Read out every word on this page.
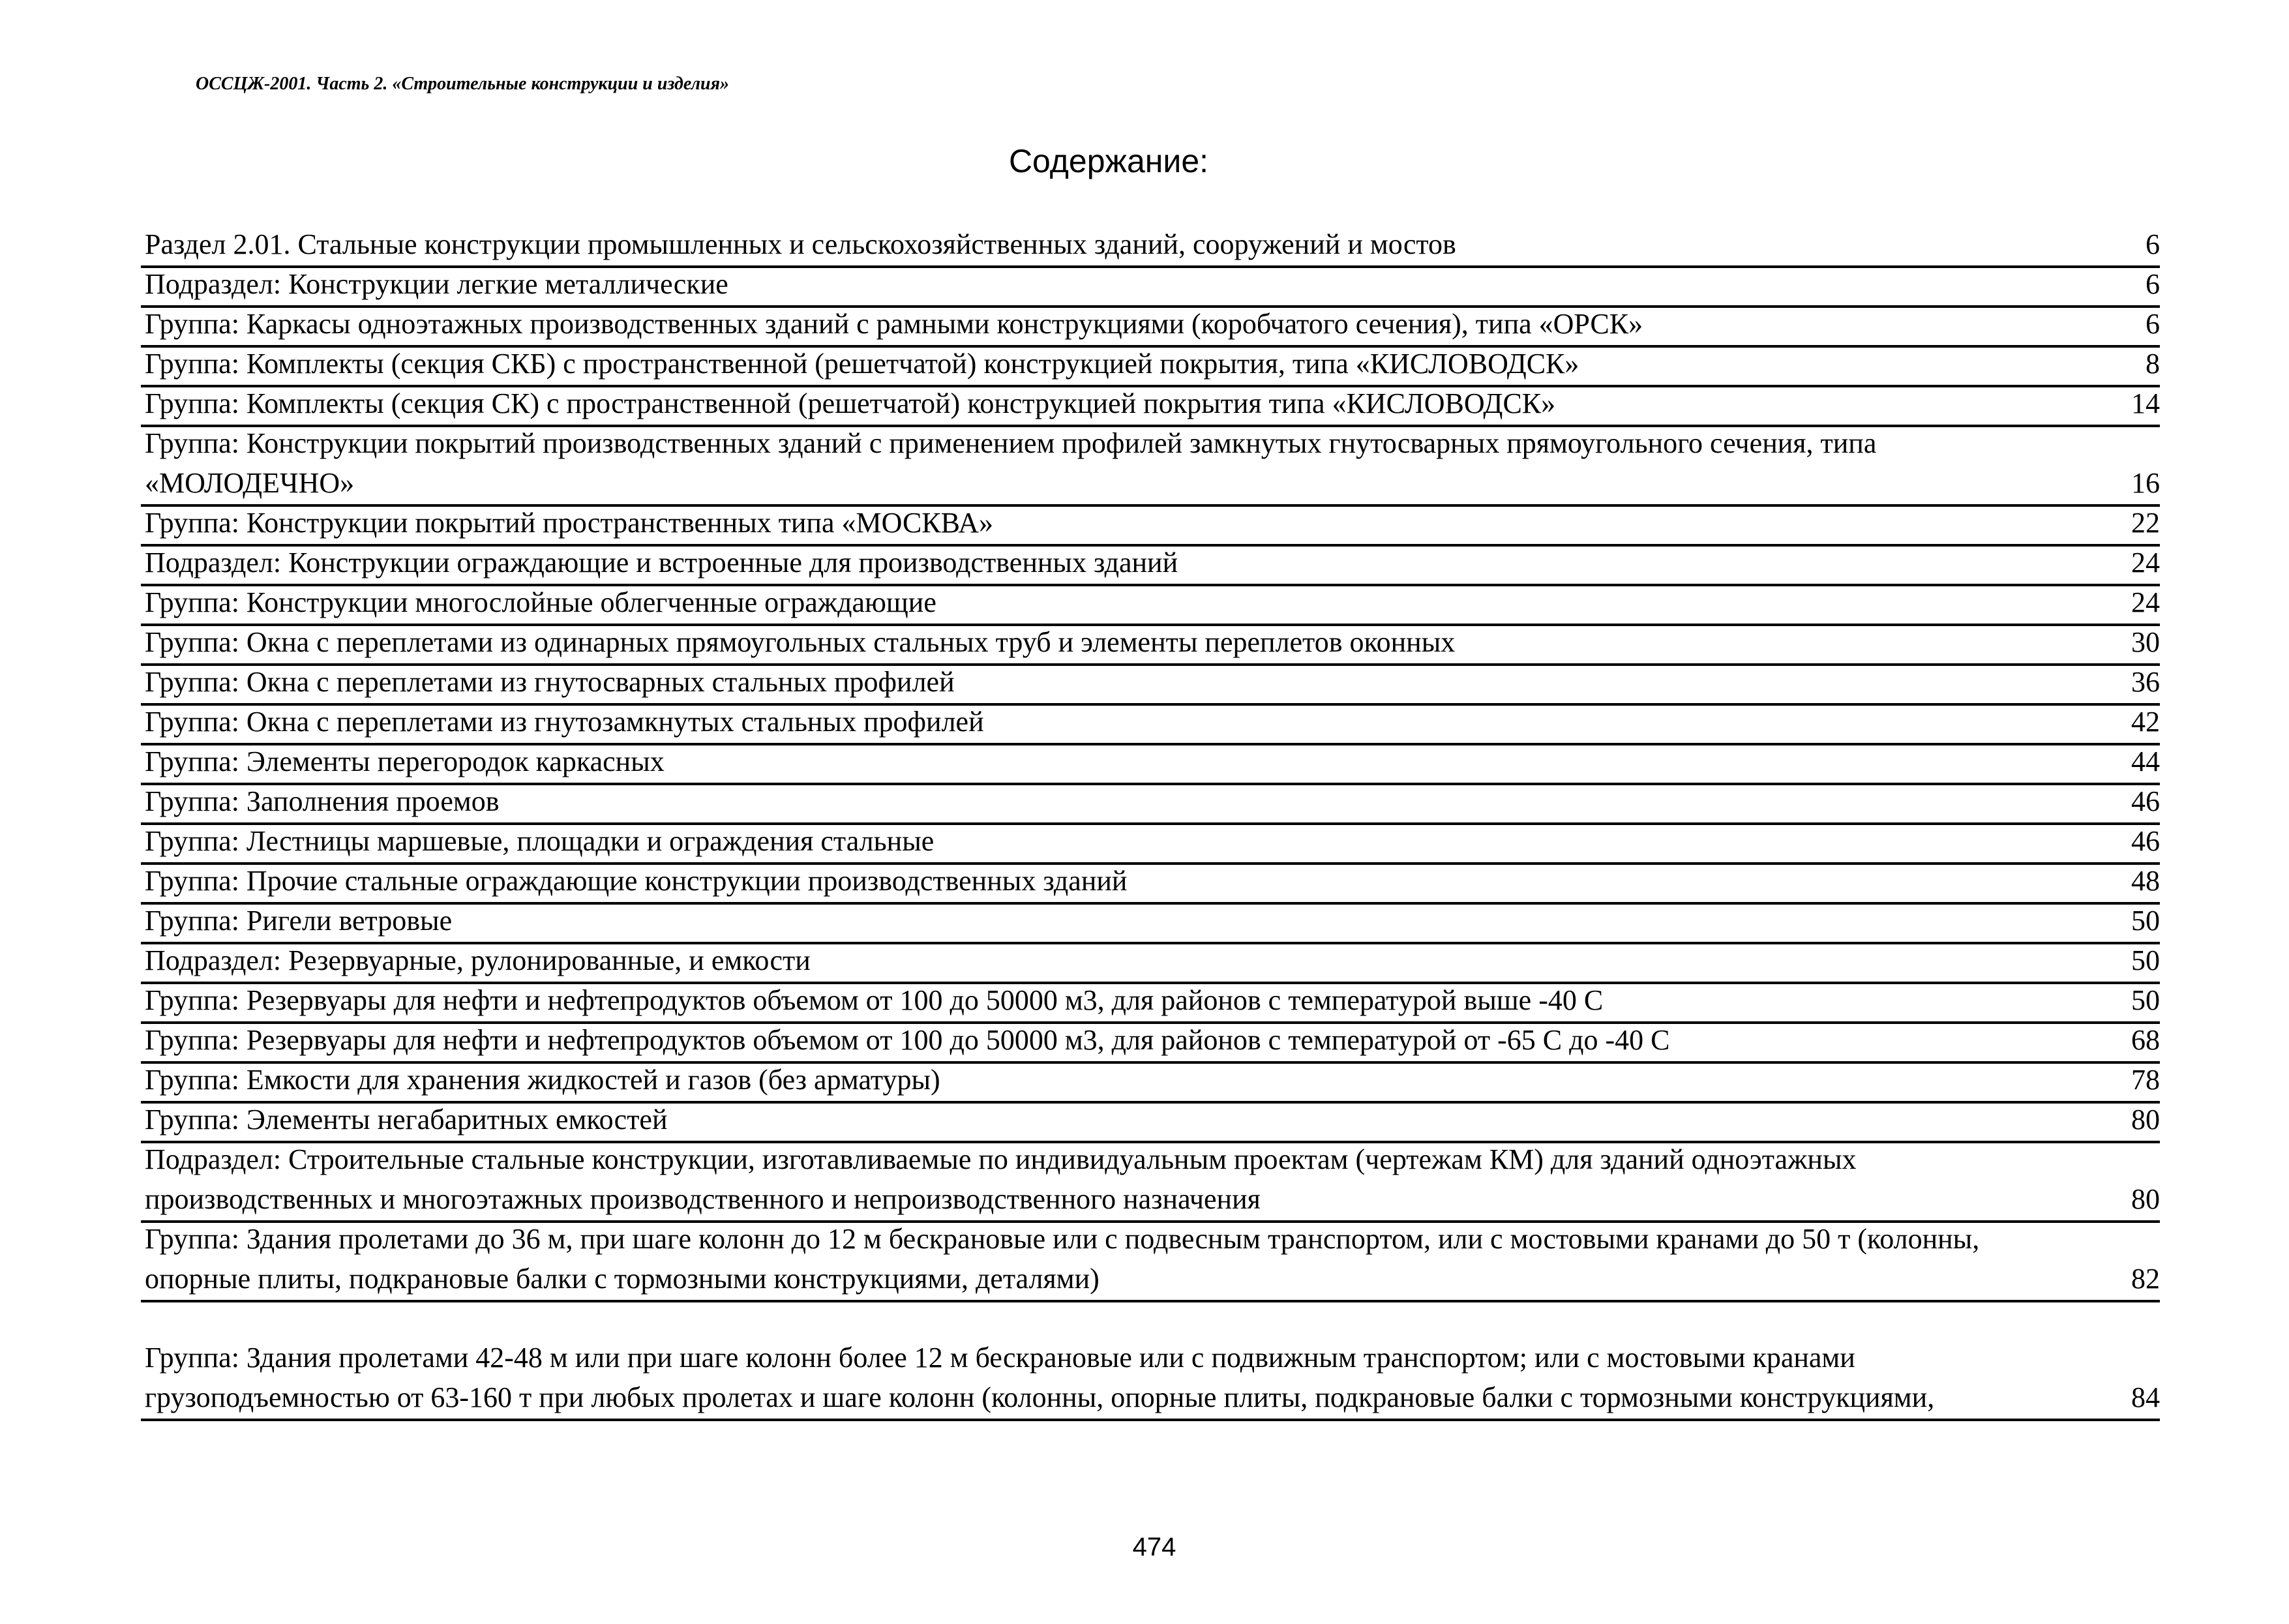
ОССЦЖ-2001. Часть 2. «Строительные конструкции и изделия»
Содержание:
Раздел 2.01. Стальные конструкции промышленных и сельскохозяйственных зданий, сооружений и мостов	6
Подраздел: Конструкции легкие металлические	6
Группа: Каркасы одноэтажных производственных зданий с рамными конструкциями (коробчатого сечения), типа «ОРСК»	6
Группа: Комплекты (секция СКБ) с пространственной (решетчатой) конструкцией покрытия, типа «КИСЛОВОДСК»	8
Группа: Комплекты (секция СК) с пространственной (решетчатой) конструкцией покрытия типа «КИСЛОВОДСК»	14
Группа: Конструкции покрытий производственных зданий с применением профилей замкнутых гнутосварных прямоугольного сечения, типа «МОЛОДЕЧНО»	16
Группа: Конструкции покрытий пространственных типа «МОСКВА»	22
Подраздел: Конструкции ограждающие и встроенные для производственных зданий	24
Группа: Конструкции многослойные облегченные ограждающие	24
Группа: Окна с переплетами из одинарных прямоугольных стальных труб и элементы переплетов оконных	30
Группа: Окна с переплетами из гнутосварных стальных профилей	36
Группа: Окна с переплетами из гнутозамкнутых стальных профилей	42
Группа: Элементы перегородок каркасных	44
Группа: Заполнения проемов	46
Группа: Лестницы маршевые, площадки и ограждения стальные	46
Группа: Прочие стальные ограждающие конструкции производственных зданий	48
Группа: Ригели ветровые	50
Подраздел: Резервуарные, рулонированные, и емкости	50
Группа: Резервуары для нефти и нефтепродуктов объемом от 100 до 50000 м3, для районов с температурой выше -40 С	50
Группа: Резервуары для нефти и нефтепродуктов объемом от 100 до 50000 м3, для районов с температурой от -65 С до -40 С	68
Группа: Емкости для хранения жидкостей и газов (без арматуры)	78
Группа: Элементы негабаритных емкостей	80
Подраздел: Строительные стальные конструкции, изготавливаемые по индивидуальным проектам (чертежам КМ) для зданий одноэтажных производственных и многоэтажных производственного и непроизводственного назначения	80
Группа: Здания пролетами до 36 м, при шаге колонн до 12 м бескрановые или с подвесным транспортом, или с мостовыми кранами до 50 т (колонны, опорные плиты, подкрановые балки с тормозными конструкциями, деталями)	82
Группа: Здания пролетами 42-48 м или при шаге колонн более 12 м бескрановые или с подвижным транспортом; или с мостовыми кранами грузоподъемностью от 63-160 т при любых пролетах и шаге колонн (колонны, опорные плиты, подкрановые балки с тормозными конструкциями,	84
474
